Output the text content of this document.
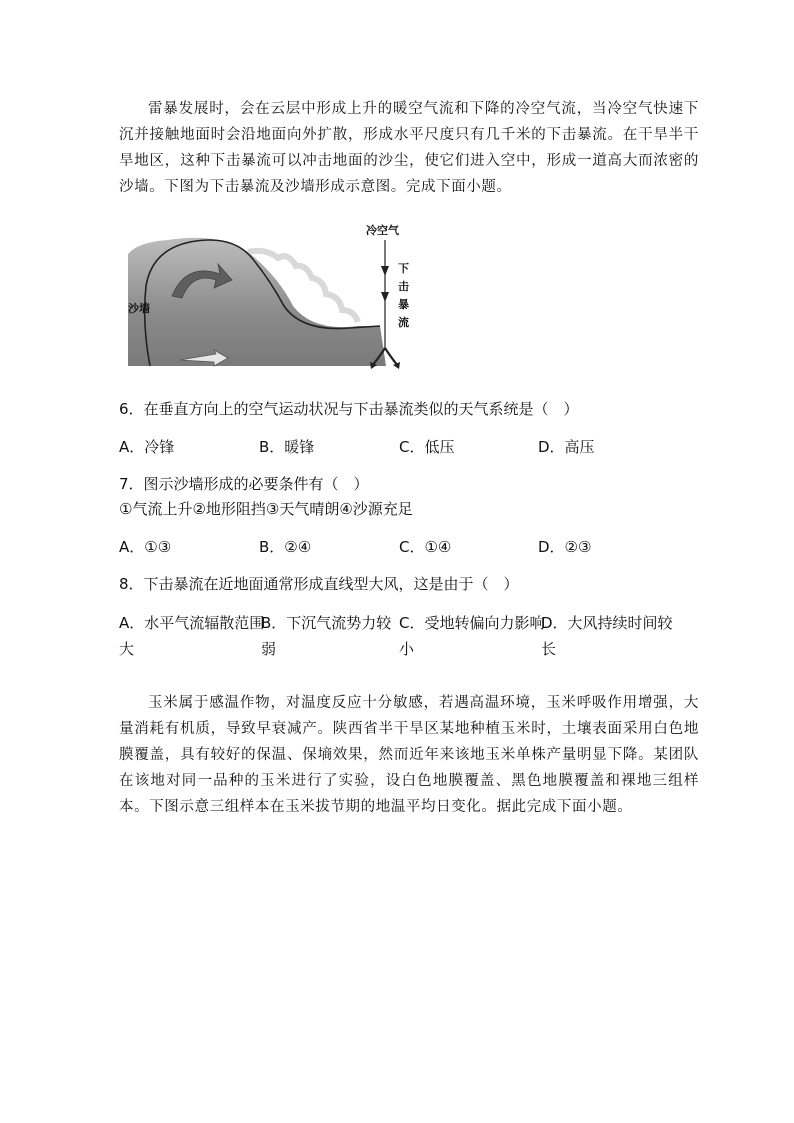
雷暴发展时，会在云层中形成上升的暖空气流和下降的冷空气流，当冷空气快速下沉并接触地面时会沿地面向外扩散，形成水平尺度只有几千米的下击暴流。在干旱半干旱地区，这种下击暴流可以冲击地面的沙尘，使它们进入空中，形成一道高大而浓密的沙墙。下图为下击暴流及沙墙形成示意图。完成下面小题。

冷空气
下
击
暴
流
沙墙

6．在垂直方向上的空气运动状况与下击暴流类似的天气系统是（　）

A．冷锋	B．暖锋	C．低压	D．高压

7．图示沙墙形成的必要条件有（　）

①气流上升②地形阻挡③天气晴朗④沙源充足

A．①③	B．②④	C．①④	D．②③

8．下击暴流在近地面通常形成直线型大风，这是由于（　）

A．水平气流辐散范围
大
B．下沉气流势力较
弱
C．受地转偏向力影响
小
D．大风持续时间较
长

玉米属于感温作物，对温度反应十分敏感，若遇高温环境，玉米呼吸作用增强，大量消耗有机质，导致早衰减产。陕西省半干旱区某地种植玉米时，土壤表面采用白色地膜覆盖，具有较好的保温、保墒效果，然而近年来该地玉米单株产量明显下降。某团队在该地对同一品种的玉米进行了实验，设白色地膜覆盖、黑色地膜覆盖和裸地三组样本。下图示意三组样本在玉米拔节期的地温平均日变化。据此完成下面小题。
